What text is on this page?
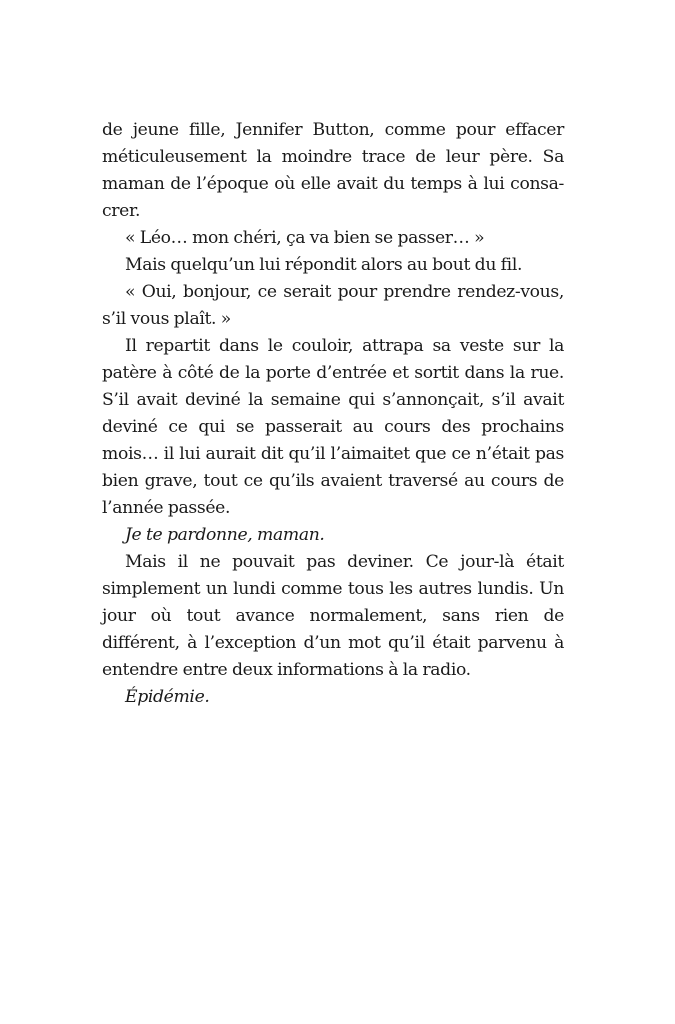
de jeune fille, Jennifer Button, comme pour effacer méticuleusement la moindre trace de leur père. Sa maman de l’époque où elle avait du temps à lui consa-crer.

« Léo… mon chéri, ça va bien se passer… »

Mais quelqu’un lui répondit alors au bout du fil.

« Oui, bonjour, ce serait pour prendre rendez-vous, s’il vous plaît. »

Il repartit dans le couloir, attrapa sa veste sur la patère à côté de la porte d’entrée et sortit dans la rue. S’il avait deviné la semaine qui s’annonçait, s’il avait deviné ce qui se passerait au cours des prochains mois… il lui aurait dit qu’il l’aimaitet que ce n’était pas bien grave, tout ce qu’ils avaient traversé au cours de l’année passée.

Je te pardonne, maman.

Mais il ne pouvait pas deviner. Ce jour-là était simplement un lundi comme tous les autres lundis. Un jour où tout avance normalement, sans rien de différent, à l’exception d’un mot qu’il était parvenu à entendre entre deux informations à la radio.

Épidémie.
